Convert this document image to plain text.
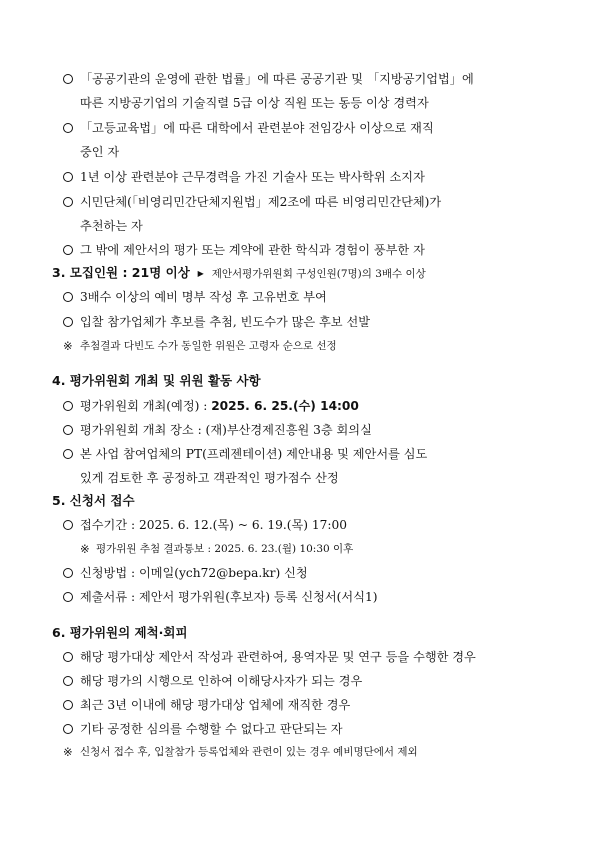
「공공기관의 운영에 관한 법률」에 따른 공공기관 및 「지방공기업법」에
따른 지방공기업의 기술직렬 5급 이상 직원 또는 동등 이상 경력자
「고등교육법」에 따른 대학에서 관련분야 전임강사 이상으로 재직
중인 자
1년 이상 관련분야 근무경력을 가진 기술사 또는 박사학위 소지자
시민단체(「비영리민간단체지원법」제2조에 따른 비영리민간단체)가
추천하는 자
그 밖에 제안서의 평가 또는 계약에 관한 학식과 경험이 풍부한 자
3. 모집인원 : 21명 이상 ▶ 제안서평가위원회 구성인원(7명)의 3배수 이상
3배수 이상의 예비 명부 작성 후 고유번호 부여
입찰 참가업체가 후보를 추첨, 빈도수가 많은 후보 선발
※ 추첨결과 다빈도 수가 동일한 위원은 고령자 순으로 선정
4. 평가위원회 개최 및 위원 활동 사항
평가위원회 개최(예정) : 2025. 6. 25.(수) 14:00
평가위원회 개최 장소 : (재)부산경제진흥원 3층 회의실
본 사업 참여업체의 PT(프레젠테이션) 제안내용 및 제안서를 심도
있게 검토한 후 공정하고 객관적인 평가점수 산정
5. 신청서 접수
접수기간 : 2025. 6. 12.(목) ~ 6. 19.(목) 17:00
※ 평가위원 추첨 결과통보 : 2025. 6. 23.(월) 10:30 이후
신청방법 : 이메일(ych72@bepa.kr) 신청
제출서류 : 제안서 평가위원(후보자) 등록 신청서(서식1)
6. 평가위원의 제척·회피
해당 평가대상 제안서 작성과 관련하여, 용역자문 및 연구 등을 수행한 경우
해당 평가의 시행으로 인하여 이해당사자가 되는 경우
최근 3년 이내에 해당 평가대상 업체에 재직한 경우
기타 공정한 심의를 수행할 수 없다고 판단되는 자
※ 신청서 접수 후, 입찰참가 등록업체와 관련이 있는 경우 예비명단에서 제외
